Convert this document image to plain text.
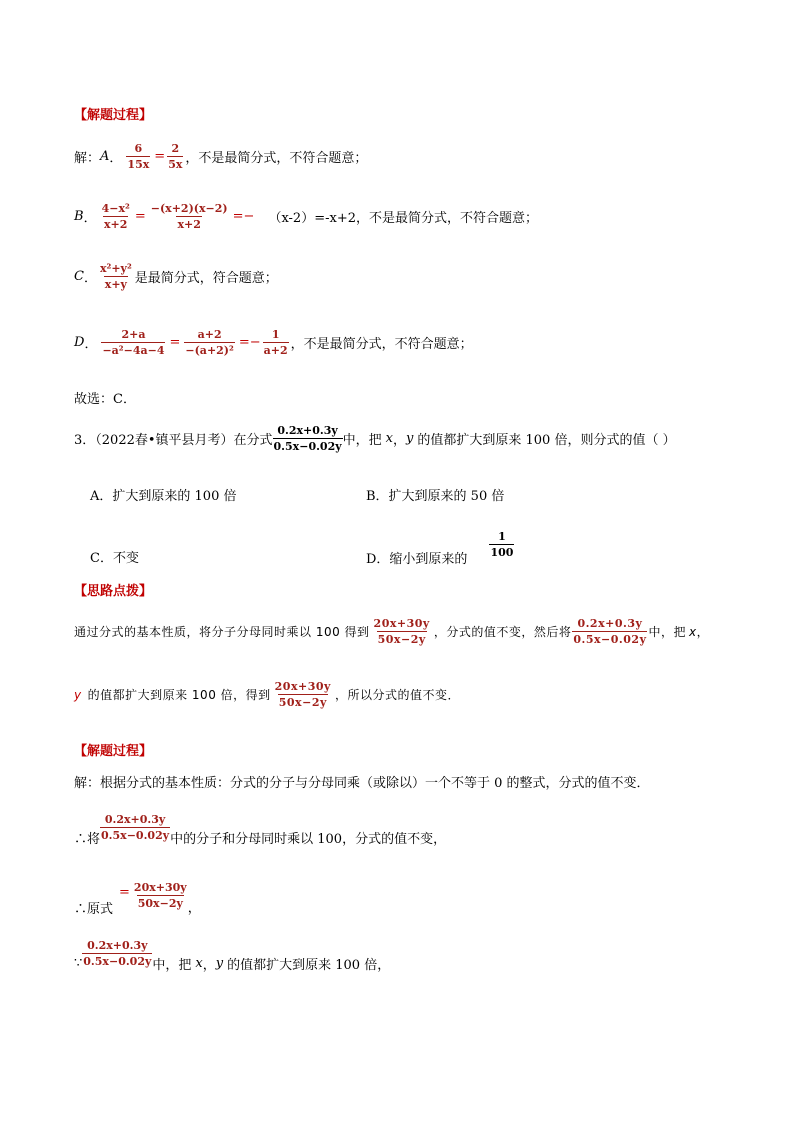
【解题过程】
解： A ． $\frac{6}{15x} = \frac{2}{5x}$ ，不是最简分式，不符合题意；
B ． $\frac{\text{4−x²}}{x+2} = \frac{-(x+2)(x-2)}{x+2} =- (x-2)=-x+2$，不是最简分式，不符合题意；
C ． $\frac{\text{x²+y²}}{x+y}$ 是最简分式，符合题意；
D ． $\frac{2+a}{\text{−a²−4a−4}} = \frac{a+2}{\text{−(a+2)²}} =- \frac{1}{a+2}$ ，不是最简分式，不符合题意；
故选：C．
3．（2022春•镇平县月考）在分式 $\frac{0.2x+0.3y}{0.5x-0.02y}$ 中，把 x ， y 的值都扩大到原来 100 倍，则分式的值（ ）
A．扩大到原来的 100 倍	B．扩大到原来的 50 倍
C．不变	D．缩小到原来的
$\frac{1}{100}$
【思路点拨】
通过分式的基本性质，将分子分母同时乘以 100 得到 $\frac{20x+30y}{50x-2y}$ ，分式的值不变，然后将 $\frac{0.2x+0.3y}{0.5x-0.02y}$ 中，把 x ，
y 的值都扩大到原来 100 倍，得到 $\frac{20x+30y}{50x-2y}$ ，所以分式的值不变．
【解题过程】
解：根据分式的基本性质：分式的分子与分母同乘（或除以）一个不等于 0 的整式，分式的值不变．
∴将 $\frac{0.2x+0.3y}{0.5x-0.02y}$ 中的分子和分母同时乘以 100，分式的值不变，
∴原式
= $\frac{20x+30y}{50x-2y}$ ，
∵ $\frac{0.2x+0.3y}{0.5x-0.02y}$ 中，把 x ， y 的值都扩大到原来 100 倍，
